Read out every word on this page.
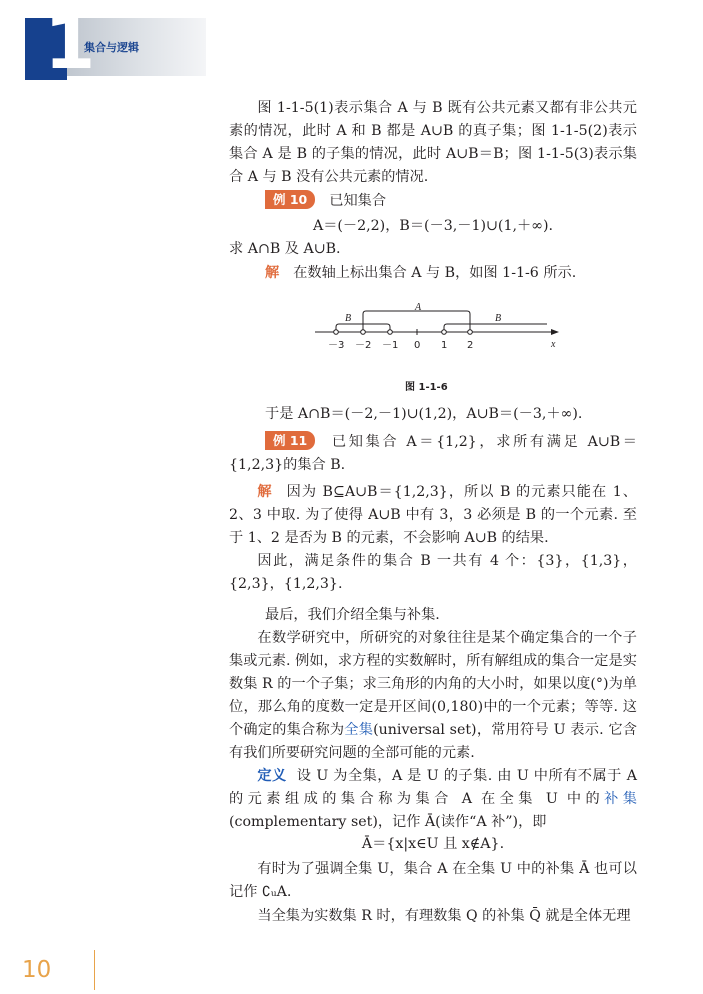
1
集合与逻辑

图 1-1-5(1)表示集合 A 与 B 既有公共元素又都有非公共元素的情况，此时 A 和 B 都是 A∪B 的真子集；图 1-1-5(2)表示集合 A 是 B 的子集的情况，此时 A∪B＝B；图 1-1-5(3)表示集合 A 与 B 没有公共元素的情况.

例 10 已知集合

A＝(－2,2)，B＝(－3,－1)∪(1,＋∞).

求 A∩B 及 A∪B.

解 在数轴上标出集合 A 与 B，如图 1-1-6 所示.
A
B	B
x
－3 －2 －1 0 1 2
图 1-1-6

于是 A∩B＝(－2,－1)∪(1,2)，A∪B＝(－3,＋∞).

例 11 已知集合 A＝{1,2}，求所有满足 A∪B＝{1,2,3}的集合 B.
解 因为 B⊆A∪B＝{1,2,3}，所以 B 的元素只能在 1、2、3 中取. 为了使得 A∪B 中有 3，3 必须是 B 的一个元素. 至于 1、2 是否为 B 的元素，不会影响 A∪B 的结果.

因此，满足条件的集合 B 一共有 4 个：{3}，{1,3}，{2,3}，{1,2,3}.

最后，我们介绍全集与补集.

在数学研究中，所研究的对象往往是某个确定集合的一个子集或元素. 例如，求方程的实数解时，所有解组成的集合一定是实数集 R 的一个子集；求三角形的内角的大小时，如果以度(°)为单位，那么角的度数一定是开区间(0,180)中的一个元素；等等. 这个确定的集合称为全集(universal set)，常用符号 U 表示. 它含有我们所要研究问题的全部可能的元素.
定义 设 U 为全集，A 是 U 的子集. 由 U 中所有不属于 A 的元素组成的集合称为集合 A 在全集 U 中的补集(complementary set)，记作 Ā(读作“A 补”)，即

Ā＝{x|x∈U 且 x∉A}.

有时为了强调全集 U，集合 A 在全集 U 中的补集 Ā 也可以记作 ∁ᵤA.

当全集为实数集 R 时，有理数集 Q 的补集 Q̄ 就是全体无理

10
